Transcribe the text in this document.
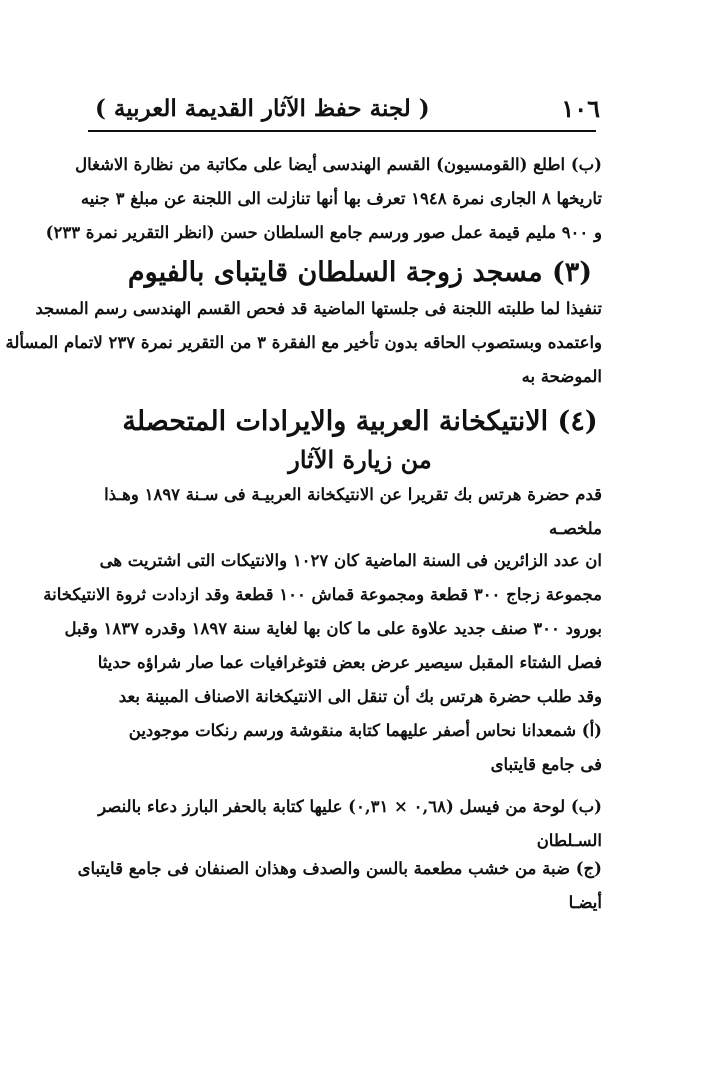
١٠٦
( لجنة حفظ الآثار القديمة العربية )
(ب) اطلع (القومسيون) القسم الهندسى أيضا على مكاتبة من نظارة الاشغال
تاريخها ٨ الجارى نمرة ١٩٤٨ تعرف بها أنها تنازلت الى اللجنة عن مبلغ ٣ جنيه
و ٩٠٠ مليم قيمة عمل صور ورسم جامع السلطان حسن (انظر التقرير نمرة ٢٣٣)
(٣) مسجد زوجة السلطان قايتباى بالفيوم
تنفيذا لما طلبته اللجنة فى جلستها الماضية قد فحص القسم الهندسى رسم المسجد
واعتمده وبستصوب الحاقه بدون تأخير مع الفقرة ٣ من التقرير نمرة ٢٣٧ لاتمام المسألة
الموضحة به
(٤) الانتيكخانة العربية والايرادات المتحصلة
من زيارة الآثار
قدم حضرة هرتس بك تقريرا عن الانتيكخانة العربيـة فى سـنة ١٨٩٧ وهـذا
ملخصـه
ان عدد الزائرين فى السنة الماضية كان ١٠٢٧ والانتيكات التى اشتريت هى
مجموعة زجاج ٣٠٠ قطعة ومجموعة قماش ١٠٠ قطعة وقد ازدادت ثروة الانتيكخانة
بورود ٣٠٠ صنف جديد علاوة على ما كان بها لغاية سنة ١٨٩٧ وقدره ١٨٣٧ وقبل
فصل الشتاء المقبل سيصير عرض بعض فتوغرافيات عما صار شراؤه حديثا
وقد طلب حضرة هرتس بك أن تنقل الى الانتيكخانة الاصناف المبينة بعد
(أ) شمعدانا نحاس أصفر عليهما كتابة منقوشة ورسم رنكات موجودين
فى جامع قايتباى
(ب) لوحة من فيسل (٠,٦٨ × ٠,٣١) عليها كتابة بالحفر البارز دعاء بالنصر
السـلطان
(ج) ضبة من خشب مطعمة بالسن والصدف وهذان الصنفان فى جامع قايتباى
أيضـا
